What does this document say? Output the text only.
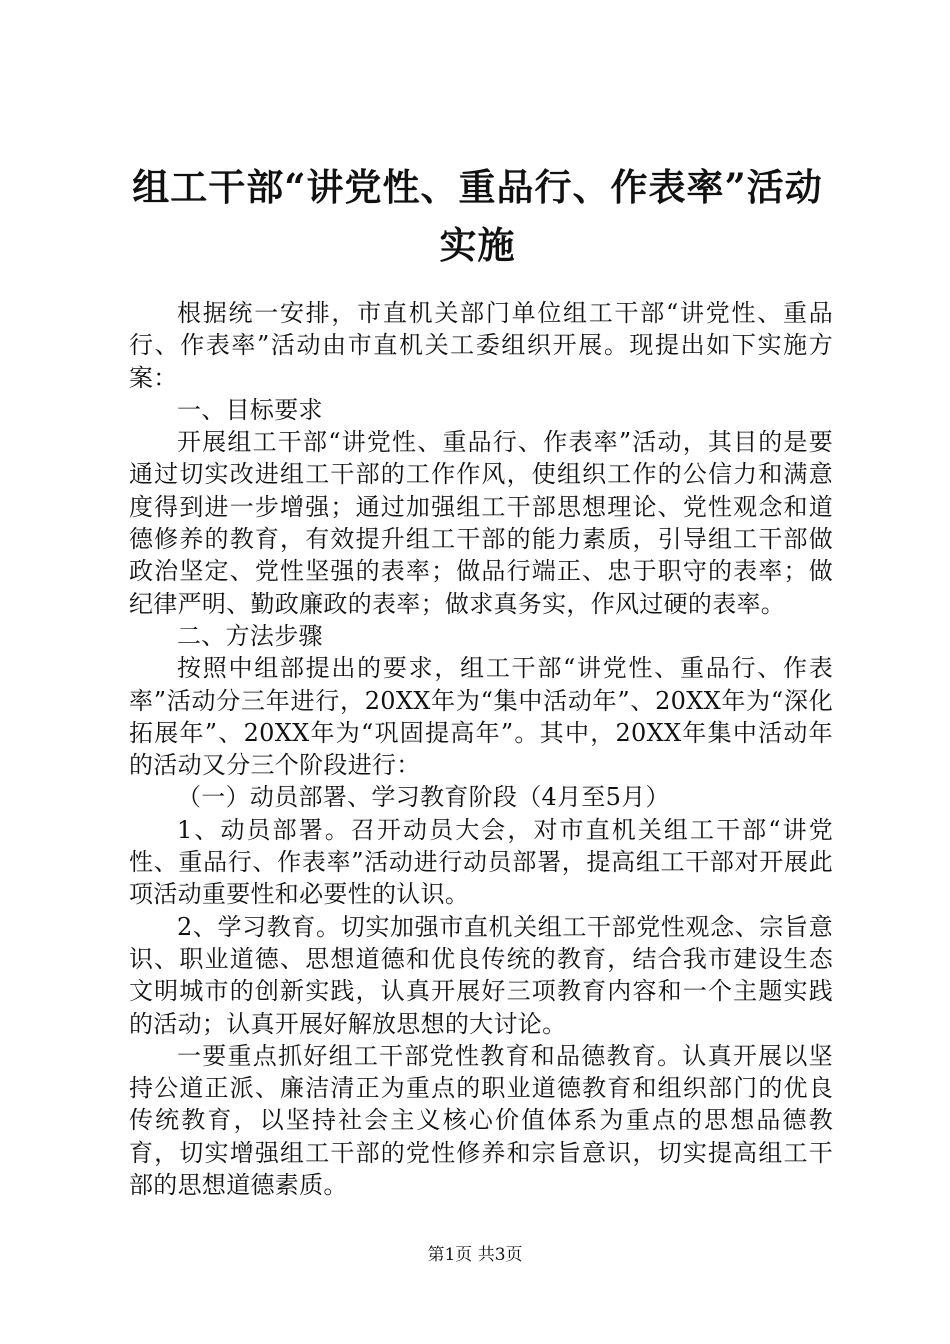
组工干部“讲党性、重品行、作表率”活动实施

根据统一安排，市直机关部门单位组工干部“讲党性、重品行、作表率”活动由市直机关工委组织开展。现提出如下实施方案：

一、目标要求

开展组工干部“讲党性、重品行、作表率”活动，其目的是要通过切实改进组工干部的工作作风，使组织工作的公信力和满意度得到进一步增强；通过加强组工干部思想理论、党性观念和道德修养的教育，有效提升组工干部的能力素质，引导组工干部做政治坚定、党性坚强的表率；做品行端正、忠于职守的表率；做纪律严明、勤政廉政的表率；做求真务实，作风过硬的表率。

二、方法步骤

按照中组部提出的要求，组工干部“讲党性、重品行、作表率”活动分三年进行，20XX年为“集中活动年”、20XX年为“深化拓展年”、20XX年为“巩固提高年”。其中，20XX年集中活动年的活动又分三个阶段进行：

（一）动员部署、学习教育阶段（4月至5月）

1、动员部署。召开动员大会，对市直机关组工干部“讲党性、重品行、作表率”活动进行动员部署，提高组工干部对开展此项活动重要性和必要性的认识。

2、学习教育。切实加强市直机关组工干部党性观念、宗旨意识、职业道德、思想道德和优良传统的教育，结合我市建设生态文明城市的创新实践，认真开展好三项教育内容和一个主题实践的活动；认真开展好解放思想的大讨论。

一要重点抓好组工干部党性教育和品德教育。认真开展以坚持公道正派、廉洁清正为重点的职业道德教育和组织部门的优良传统教育，以坚持社会主义核心价值体系为重点的思想品德教育，切实增强组工干部的党性修养和宗旨意识，切实提高组工干部的思想道德素质。

第1页 共3页
